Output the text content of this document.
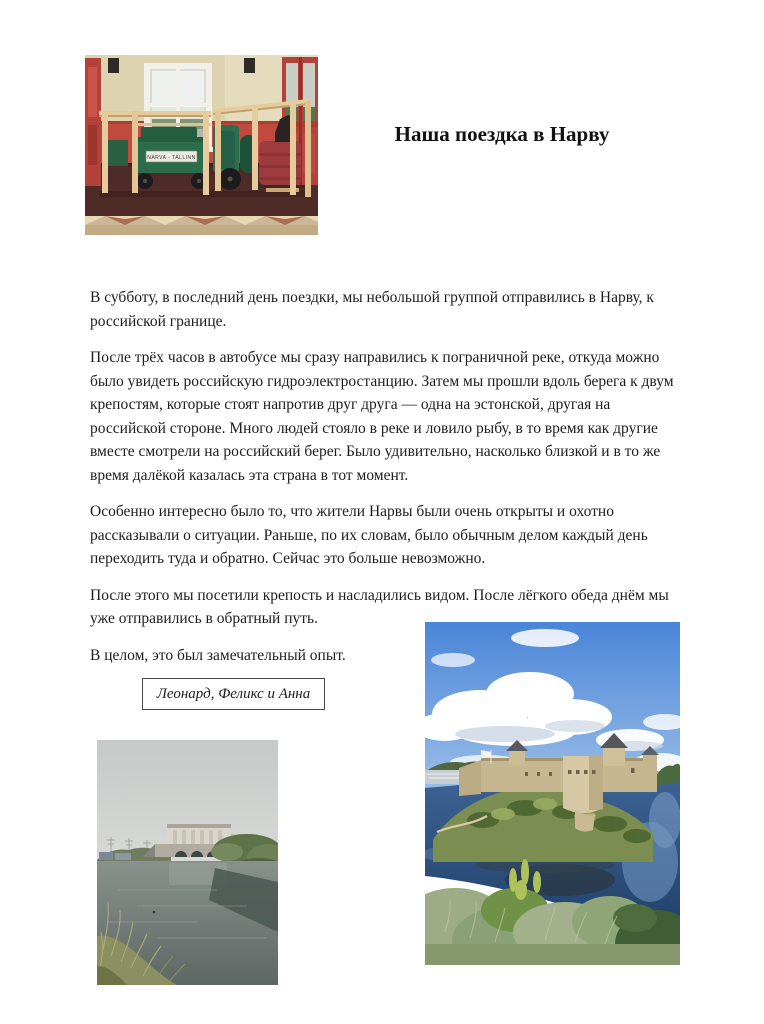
NARVA - TALLINN
Наша поездка в Нарву

В субботу, в последний день поездки, мы небольшой группой отправились в Нарву, к российской границе.

После трёх часов в автобусе мы сразу направились к пограничной реке, откуда можно было увидеть российскую гидроэлектростанцию. Затем мы прошли вдоль берега к двум крепостям, которые стоят напротив друг друга — одна на эстонской, другая на российской стороне. Много людей стояло в реке и ловило рыбу, в то время как другие вместе смотрели на российский берег. Было удивительно, насколько близкой и в то же время далёкой казалась эта страна в тот момент.

Особенно интересно было то, что жители Нарвы были очень открыты и охотно рассказывали о ситуации. Раньше, по их словам, было обычным делом каждый день переходить туда и обратно. Сейчас это больше невозможно.

После этого мы посетили крепость и насладились видом. После лёгкого обеда днём мы уже отправились в обратный путь.

В целом, это был замечательный опыт.

Леонард, Феликс и Анна
